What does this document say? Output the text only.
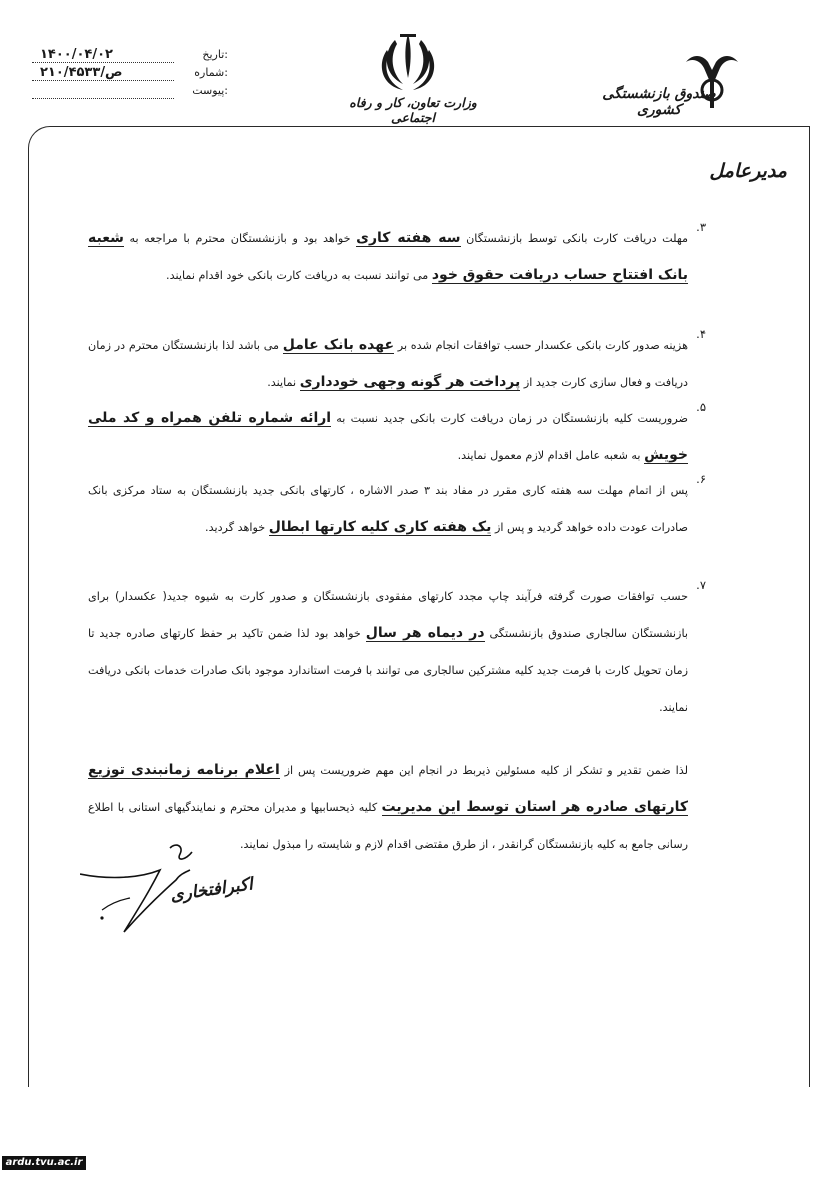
۱۴۰۰/۰۴/۰۲	تاریخ:
۲۱۰/ص/۴۵۳۳	شماره:
پیوست:
وزارت تعاون، کار و رفاه اجتماعی
صندوق بازنشستگی کشوری
مدیرعامل
۳.
مهلت دریافت کارت بانکی توسط بازنشستگان سه هفته کاری خواهد بود و بازنشستگان محترم با مراجعه به شعبه بانک افتتاح حساب دریافت حقوق خود می توانند نسبت به دریافت کارت بانکی خود اقدام نمایند.
۴.
هزینه صدور کارت بانکی عکسدار حسب توافقات انجام شده بر عهده بانک عامل می باشد لذا بازنشستگان محترم در زمان دریافت و فعال سازی کارت جدید از پرداخت هر گونه وجهی خودداری نمایند.
۵.
ضروریست کلیه بازنشستگان در زمان دریافت کارت بانکی جدید نسبت به ارائه شماره تلفن همراه و کد ملی خویش به شعبه عامل اقدام لازم معمول نمایند.
۶.
پس از اتمام مهلت سه هفته کاری مقرر در مفاد بند ۳ صدر الاشاره ، کارتهای بانکی جدید بازنشستگان به ستاد مرکزی بانک صادرات عودت داده خواهد گردید و پس از یک هفته کاری کلیه کارتها ابطال خواهد گردید.
۷.
حسب توافقات صورت گرفته فرآیند چاپ مجدد کارتهای مفقودی بازنشستگان و صدور کارت به شیوه جدید( عکسدار) برای بازنشستگان سالجاری صندوق بازنشستگی در دیماه هر سال خواهد بود لذا ضمن تاکید بر حفظ کارتهای صادره جدید تا زمان تحویل کارت با فرمت جدید کلیه مشترکین سالجاری می توانند با فرمت استاندارد موجود بانک صادرات خدمات بانکی دریافت نمایند.
لذا ضمن تقدیر و تشکر از کلیه مسئولین ذیربط در انجام این مهم ضروریست پس از اعلام برنامه زمانبندی توزیع کارتهای صادره هر استان توسط این مدیریت کلیه ذیحسابیها و مدیران محترم و نمایندگیهای استانی با اطلاع رسانی جامع به کلیه بازنشستگان گرانقدر ، از طرق مقتضی اقدام لازم و شایسته را مبذول نمایند.
اکبرافتخاری
ardu.tvu.ac.ir
